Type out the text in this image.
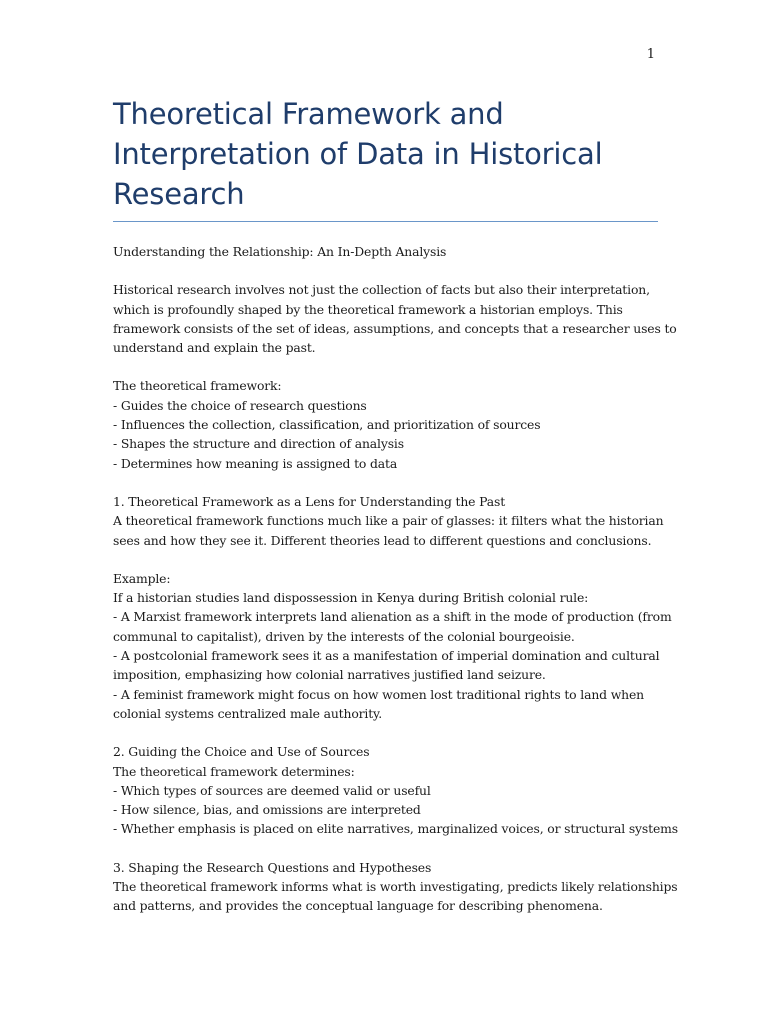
1
Theoretical Framework and
Interpretation of Data in Historical
Research

Understanding the Relationship: An In-Depth Analysis

Historical research involves not just the collection of facts but also their interpretation,
which is profoundly shaped by the theoretical framework a historian employs. This
framework consists of the set of ideas, assumptions, and concepts that a researcher uses to
understand and explain the past.

The theoretical framework:
- Guides the choice of research questions
- Influences the collection, classification, and prioritization of sources
- Shapes the structure and direction of analysis
- Determines how meaning is assigned to data

1. Theoretical Framework as a Lens for Understanding the Past
A theoretical framework functions much like a pair of glasses: it filters what the historian
sees and how they see it. Different theories lead to different questions and conclusions.

Example:
If a historian studies land dispossession in Kenya during British colonial rule:
- A Marxist framework interprets land alienation as a shift in the mode of production (from
communal to capitalist), driven by the interests of the colonial bourgeoisie.
- A postcolonial framework sees it as a manifestation of imperial domination and cultural
imposition, emphasizing how colonial narratives justified land seizure.
- A feminist framework might focus on how women lost traditional rights to land when
colonial systems centralized male authority.

2. Guiding the Choice and Use of Sources
The theoretical framework determines:
- Which types of sources are deemed valid or useful
- How silence, bias, and omissions are interpreted
- Whether emphasis is placed on elite narratives, marginalized voices, or structural systems

3. Shaping the Research Questions and Hypotheses
The theoretical framework informs what is worth investigating, predicts likely relationships
and patterns, and provides the conceptual language for describing phenomena.
